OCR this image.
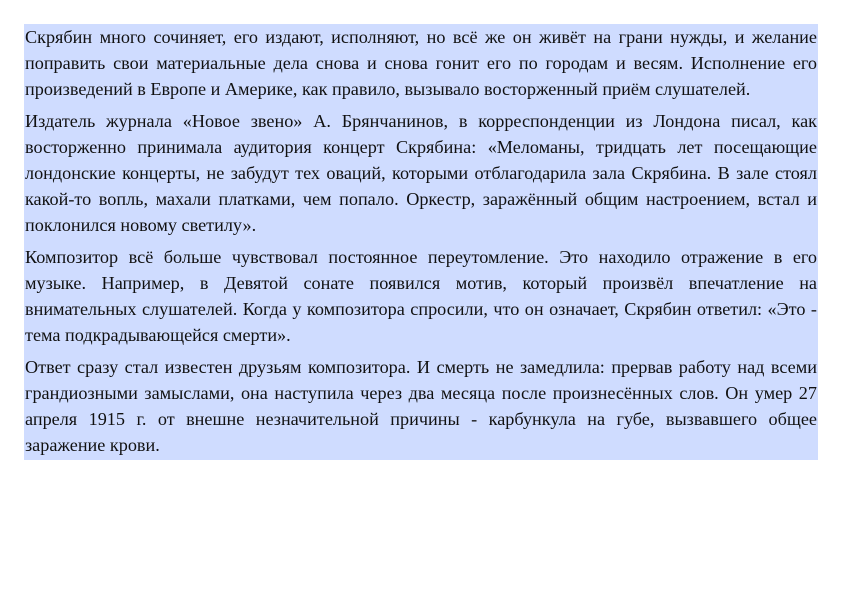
Скрябин много сочиняет, его издают, исполняют, но всё же он живёт на грани нужды, и желание поправить свои материальные дела снова и снова гонит его по городам и весям. Исполнение его произведений в Европе и Америке, как правило, вызывало восторженный приём слушателей.

Издатель журнала «Новое звено» А. Брянчанинов, в корреспонденции из Лондона писал, как восторженно принимала аудитория концерт Скрябина: «Меломаны, тридцать лет посещающие лондонские концерты, не забудут тех оваций, которыми отблагодарила зала Скрябина. В зале стоял какой-то вопль, махали платками, чем попало. Оркестр, заражённый общим настроением, встал и поклонился новому светилу».

Композитор всё больше чувствовал постоянное переутомление. Это находило отражение в его музыке. Например, в Девятой сонате появился мотив, который произвёл впечатление на внимательных слушателей. Когда у композитора спросили, что он означает, Скрябин ответил: «Это - тема подкрадывающейся смерти».

Ответ сразу стал известен друзьям композитора. И смерть не замедлила: прервав работу над всеми грандиозными замыслами, она наступила через два месяца после произнесённых слов. Он умер 27 апреля 1915 г. от внешне незначительной причины - карбункула на губе, вызвавшего общее заражение крови.
